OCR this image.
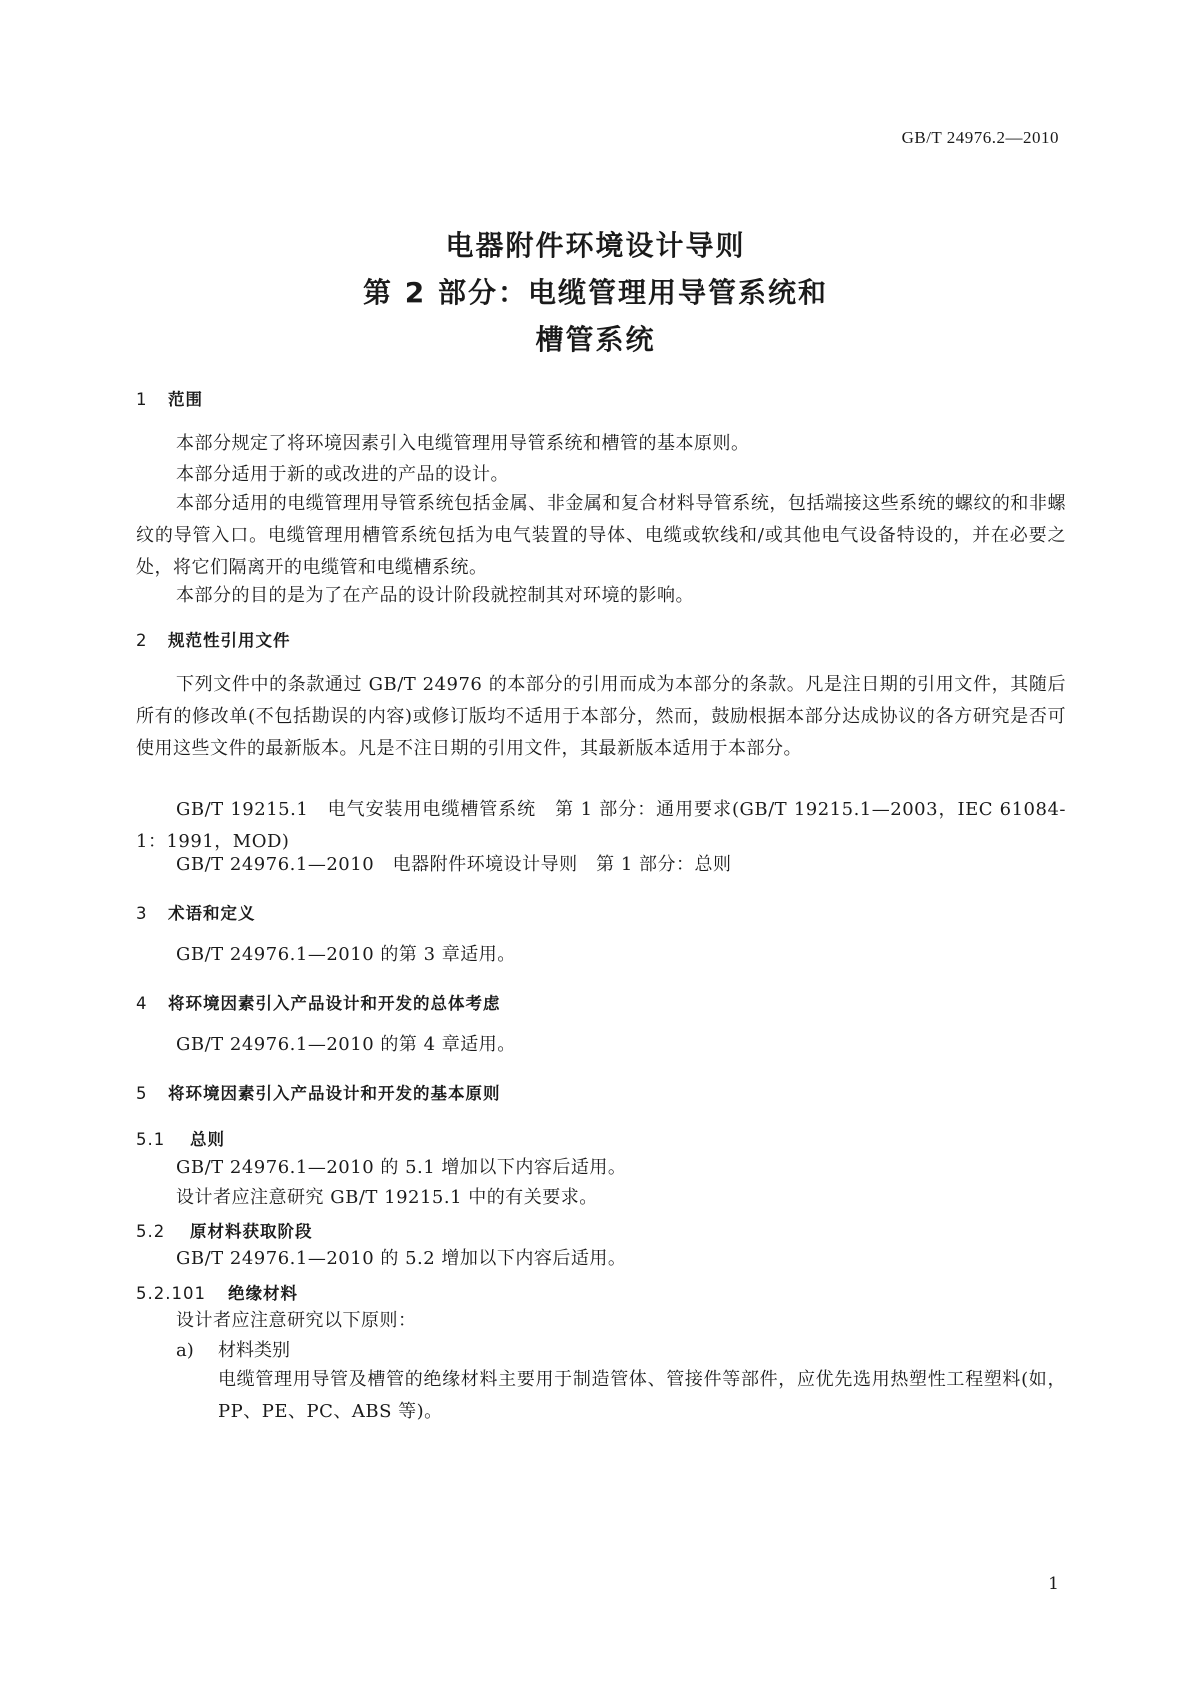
GB/T 24976.2—2010
电器附件环境设计导则
第 2 部分：电缆管理用导管系统和
槽管系统
1 范围
本部分规定了将环境因素引入电缆管理用导管系统和槽管的基本原则。
本部分适用于新的或改进的产品的设计。
本部分适用的电缆管理用导管系统包括金属、非金属和复合材料导管系统，包括端接这些系统的螺纹的和非螺纹的导管入口。电缆管理用槽管系统包括为电气装置的导体、电缆或软线和/或其他电气设备特设的，并在必要之处，将它们隔离开的电缆管和电缆槽系统。
本部分的目的是为了在产品的设计阶段就控制其对环境的影响。
2 规范性引用文件
下列文件中的条款通过 GB/T 24976 的本部分的引用而成为本部分的条款。凡是注日期的引用文件，其随后所有的修改单(不包括勘误的内容)或修订版均不适用于本部分，然而，鼓励根据本部分达成协议的各方研究是否可使用这些文件的最新版本。凡是不注日期的引用文件，其最新版本适用于本部分。
GB/T 19215.1　电气安装用电缆槽管系统　第 1 部分：通用要求(GB/T 19215.1—2003，IEC 61084-1：1991，MOD)
GB/T 24976.1—2010　电器附件环境设计导则　第 1 部分：总则
3 术语和定义
GB/T 24976.1—2010 的第 3 章适用。
4 将环境因素引入产品设计和开发的总体考虑
GB/T 24976.1—2010 的第 4 章适用。
5 将环境因素引入产品设计和开发的基本原则
5.1 总则
GB/T 24976.1—2010 的 5.1 增加以下内容后适用。
设计者应注意研究 GB/T 19215.1 中的有关要求。
5.2 原材料获取阶段
GB/T 24976.1—2010 的 5.2 增加以下内容后适用。
5.2.101 绝缘材料
设计者应注意研究以下原则：
a) 材料类别
电缆管理用导管及槽管的绝缘材料主要用于制造管体、管接件等部件，应优先选用热塑性工程塑料(如，PP、PE、PC、ABS 等)。
1
